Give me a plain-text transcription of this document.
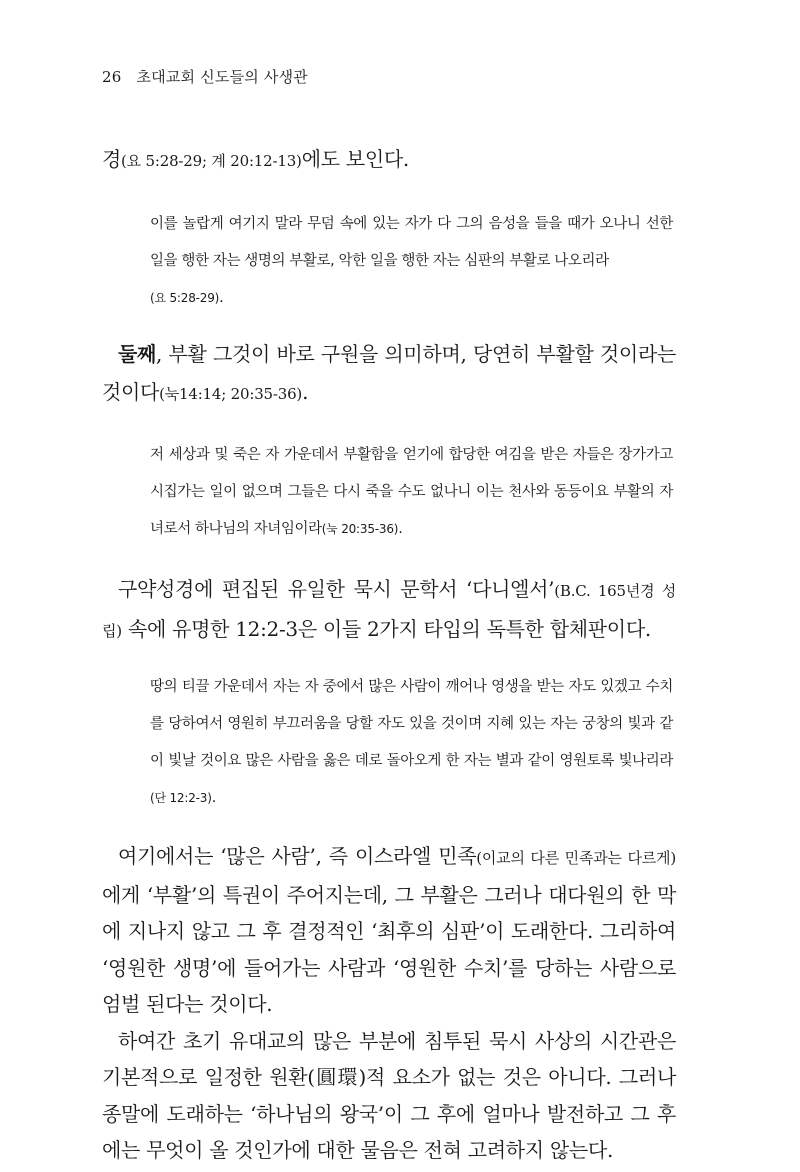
26 초대교회 신도들의 사생관

경(요 5:28-29; 계 20:12-13)에도 보인다.

이를 놀랍게 여기지 말라 무덤 속에 있는 자가 다 그의 음성을 들을 때가 오나니 선한 일을 행한 자는 생명의 부활로, 악한 일을 행한 자는 심판의 부활로 나오리라
(요 5:28-29).

둘째, 부활 그것이 바로 구원을 의미하며, 당연히 부활할 것이라는 것이다(눅14:14; 20:35-36).

저 세상과 및 죽은 자 가운데서 부활함을 얻기에 합당한 여김을 받은 자들은 장가가고 시집가는 일이 없으며 그들은 다시 죽을 수도 없나니 이는 천사와 동등이요 부활의 자녀로서 하나님의 자녀임이라(눅 20:35-36).

구약성경에 편집된 유일한 묵시 문학서 ‘다니엘서’(B.C. 165년경 성립) 속에 유명한 12:2-3은 이들 2가지 타입의 독특한 합체판이다.

땅의 티끌 가운데서 자는 자 중에서 많은 사람이 깨어나 영생을 받는 자도 있겠고 수치를 당하여서 영원히 부끄러움을 당할 자도 있을 것이며 지혜 있는 자는 궁창의 빛과 같이 빛날 것이요 많은 사람을 옳은 데로 돌아오게 한 자는 별과 같이 영원토록 빛나리라(단 12:2-3).

여기에서는 ‘많은 사람’, 즉 이스라엘 민족(이교의 다른 민족과는 다르게)에게 ‘부활’의 특권이 주어지는데, 그 부활은 그러나 대다원의 한 막에 지나지 않고 그 후 결정적인 ‘최후의 심판’이 도래한다. 그리하여 ‘영원한 생명’에 들어가는 사람과 ‘영원한 수치’를 당하는 사람으로 엄벌 된다는 것이다.

하여간 초기 유대교의 많은 부분에 침투된 묵시 사상의 시간관은 기본적으로 일정한 원환(圓環)적 요소가 없는 것은 아니다. 그러나 종말에 도래하는 ‘하나님의 왕국’이 그 후에 얼마나 발전하고 그 후에는 무엇이 올 것인가에 대한 물음은 전혀 고려하지 않는다.
